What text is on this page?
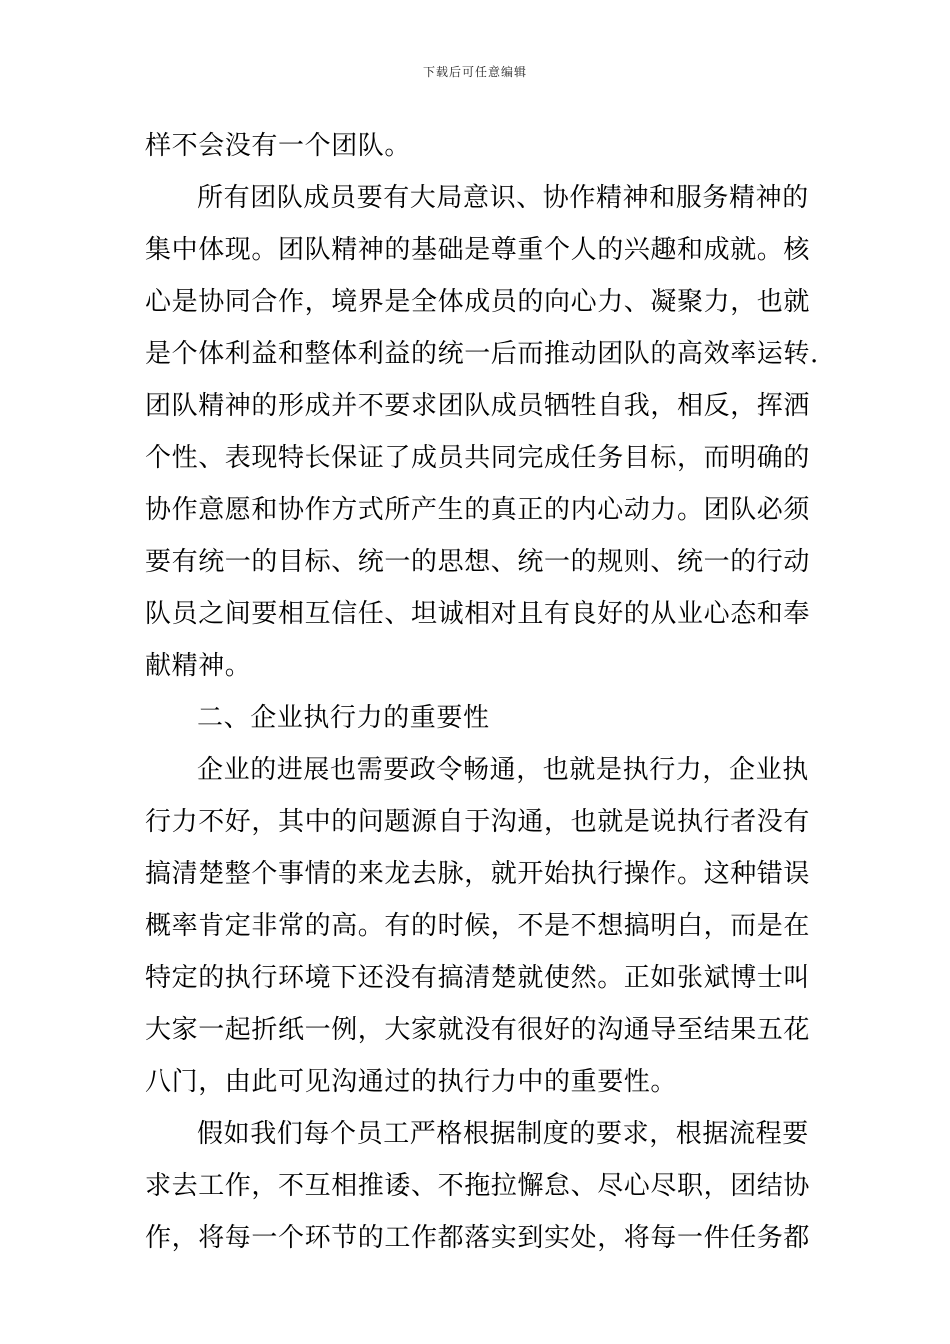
下载后可任意编辑
样不会没有一个团队。
所有团队成员要有大局意识、协作精神和服务精神的
集中体现。团队精神的基础是尊重个人的兴趣和成就。核
心是协同合作，境界是全体成员的向心力、凝聚力，也就
是个体利益和整体利益的统一后而推动团队的高效率运转.
团队精神的形成并不要求团队成员牺牲自我，相反，挥洒
个性、表现特长保证了成员共同完成任务目标，而明确的
协作意愿和协作方式所产生的真正的内心动力。团队必须
要有统一的目标、统一的思想、统一的规则、统一的行动
队员之间要相互信任、坦诚相对且有良好的从业心态和奉
献精神。
二、企业执行力的重要性
企业的进展也需要政令畅通，也就是执行力，企业执
行力不好，其中的问题源自于沟通，也就是说执行者没有
搞清楚整个事情的来龙去脉，就开始执行操作。这种错误
概率肯定非常的高。有的时候，不是不想搞明白，而是在
特定的执行环境下还没有搞清楚就使然。正如张斌博士叫
大家一起折纸一例，大家就没有很好的沟通导至结果五花
八门，由此可见沟通过的执行力中的重要性。
假如我们每个员工严格根据制度的要求，根据流程要
求去工作，不互相推诿、不拖拉懈怠、尽心尽职，团结协
作，将每一个环节的工作都落实到实处，将每一件任务都
